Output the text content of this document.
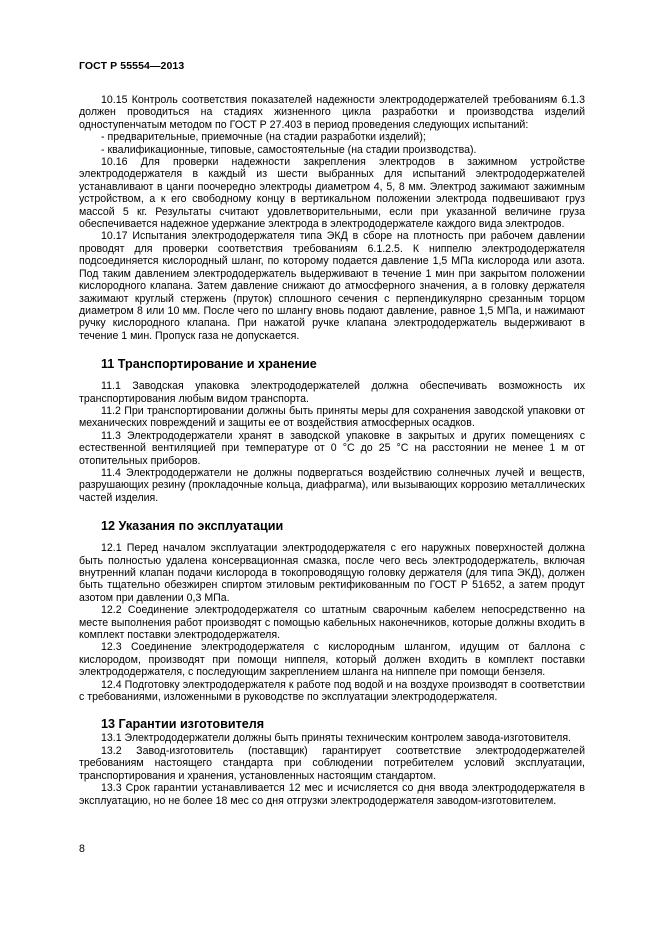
ГОСТ Р 55554—2013

10.15 Контроль соответствия показателей надежности электрододержателей требованиям 6.1.3 должен проводиться на стадиях жизненного цикла разработки и производства изделий одноступенчатым методом по ГОСТ Р 27.403 в период проведения следующих испытаний:

- предварительные, приемочные (на стадии разработки изделий);

- квалификационные, типовые, самостоятельные (на стадии производства).

10.16 Для проверки надежности закрепления электродов в зажимном устройстве электрододержателя в каждый из шести выбранных для испытаний электрододержателей устанавливают в цанги поочередно электроды диаметром 4, 5, 8 мм. Электрод зажимают зажимным устройством, а к его свободному концу в вертикальном положении электрода подвешивают груз массой 5 кг. Результаты считают удовлетворительными, если при указанной величине груза обеспечивается надежное удержание электрода в электрододержателе каждого вида электродов.

10.17 Испытания электрододержателя типа ЭКД в сборе на плотность при рабочем давлении проводят для проверки соответствия требованиям 6.1.2.5. К ниппелю электрододержателя подсоединяется кислородный шланг, по которому подается давление 1,5 МПа кислорода или азота. Под таким давлением электрододержатель выдерживают в течение 1 мин при закрытом положении кислородного клапана. Затем давление снижают до атмосферного значения, а в головку держателя зажимают круглый стержень (пруток) сплошного сечения с перпендикулярно срезанным торцом диаметром 8 или 10 мм. После чего по шлангу вновь подают давление, равное 1,5 МПа, и нажимают ручку кислородного клапана. При нажатой ручке клапана электрододержатель выдерживают в течение 1 мин. Пропуск газа не допускается.

11 Транспортирование и хранение

11.1 Заводская упаковка электрододержателей должна обеспечивать возможность их транспортирования любым видом транспорта.

11.2 При транспортировании должны быть приняты меры для сохранения заводской упаковки от механических повреждений и защиты ее от воздействия атмосферных осадков.

11.3 Электрододержатели хранят в заводской упаковке в закрытых и других помещениях с естественной вентиляцией при температуре от 0 °С до 25 °С на расстоянии не менее 1 м от отопительных приборов.

11.4 Электрододержатели не должны подвергаться воздействию солнечных лучей и веществ, разрушающих резину (прокладочные кольца, диафрагма), или вызывающих коррозию металлических частей изделия.

12 Указания по эксплуатации

12.1 Перед началом эксплуатации электрододержателя с его наружных поверхностей должна быть полностью удалена консервационная смазка, после чего весь электрододержатель, включая внутренний клапан подачи кислорода в токопроводящую головку держателя (для типа ЭКД), должен быть тщательно обезжирен спиртом этиловым ректификованным по ГОСТ Р 51652, а затем продут азотом при давлении 0,3 МПа.

12.2 Соединение электрододержателя со штатным сварочным кабелем непосредственно на месте выполнения работ производят с помощью кабельных наконечников, которые должны входить в комплект поставки электрододержателя.

12.3 Соединение электрододержателя с кислородным шлангом, идущим от баллона с кислородом, производят при помощи ниппеля, который должен входить в комплект поставки электрододержателя, с последующим закреплением шланга на ниппеле при помощи бензеля.

12.4 Подготовку электрододержателя к работе под водой и на воздухе производят в соответствии с требованиями, изложенными в руководстве по эксплуатации электрододержателя.

13 Гарантии изготовителя

13.1 Электрододержатели должны быть приняты техническим контролем завода-изготовителя.

13.2 Завод-изготовитель (поставщик) гарантирует соответствие электрододержателей требованиям настоящего стандарта при соблюдении потребителем условий эксплуатации, транспортирования и хранения, установленных настоящим стандартом.

13.3 Срок гарантии устанавливается 12 мес и исчисляется со дня ввода электрододержателя в эксплуатацию, но не более 18 мес со дня отгрузки электрододержателя заводом-изготовителем.

8
